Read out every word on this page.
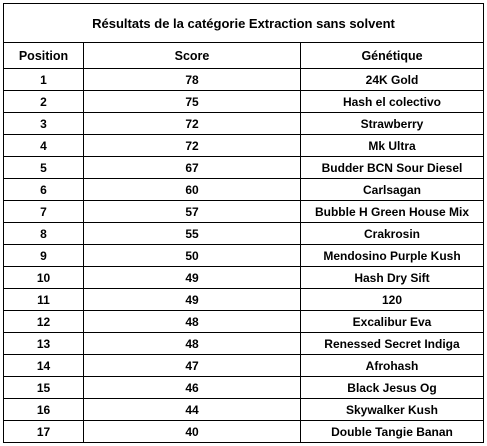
Résultats de la catégorie Extraction sans solvent		
Position	Score	Génétique
1	78	24K Gold
2	75	Hash el colectivo
3	72	Strawberry
4	72	Mk Ultra
5	67	Budder BCN Sour Diesel
6	60	Carlsagan
7	57	Bubble H Green House Mix
8	55	Crakrosin
9	50	Mendosino Purple Kush
10	49	Hash Dry Sift
11	49	120
12	48	Excalibur Eva
13	48	Renessed Secret Indiga
14	47	Afrohash
15	46	Black Jesus Og
16	44	Skywalker Kush
17	40	Double Tangie Banan
